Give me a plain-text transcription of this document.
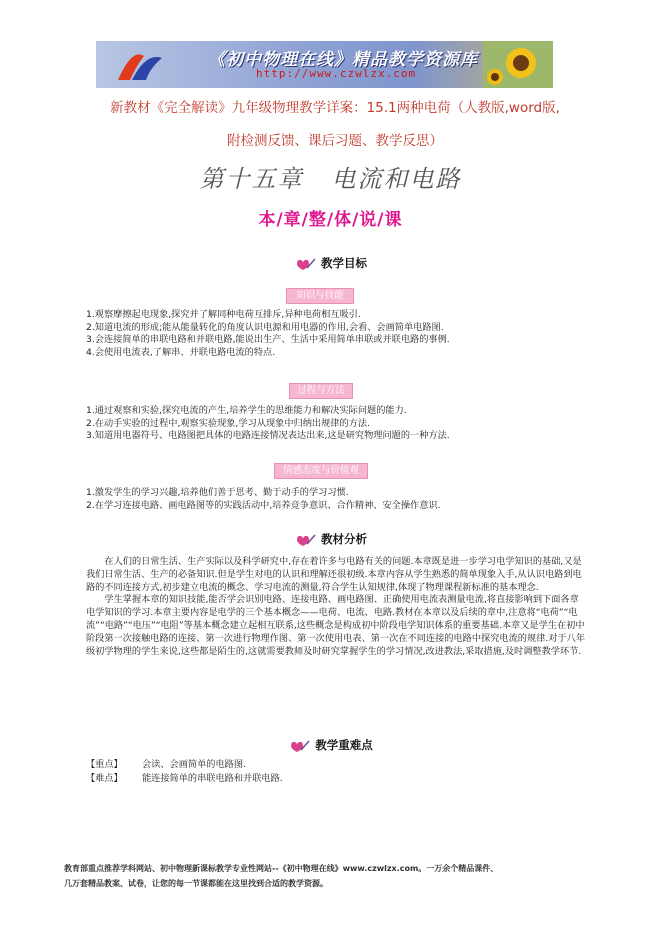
《初中物理在线》精品教学资源库
http://www.czwlzx.com
新教材《完全解读》九年级物理教学详案：15.1两种电荷（人教版,word版,
附检测反馈、课后习题、教学反思）
第十五章 电流和电路
本/章/整/体/说/课
教学目标
知识与技能
1.观察摩擦起电现象,探究并了解同种电荷互排斥,异种电荷相互吸引.
2.知道电流的形成;能从能量转化的角度认识电源和用电器的作用,会看、会画简单电路图.
3.会连接简单的串联电路和并联电路,能说出生产、生活中采用简单串联或并联电路的事例.
4.会使用电流表,了解串、并联电路电流的特点.
过程与方法
1.通过观察和实验,探究电流的产生,培养学生的思维能力和解决实际问题的能力.
2.在动手实验的过程中,观察实验现象,学习从现象中归纳出规律的方法.
3.知道用电器符号、电路图把具体的电路连接情况表达出来,这是研究物理问题的一种方法.
情感态度与价值观
1.激发学生的学习兴趣,培养他们善于思考、勤于动手的学习习惯.
2.在学习连接电路、画电路图等的实践活动中,培养竞争意识、合作精神、安全操作意识.
教材分析

在人们的日常生活、生产实际以及科学研究中,存在着许多与电路有关的问题.本章既是进一步学习电学知识的基础,又是我们日常生活、生产的必备知识.但是学生对电的认识和理解还很初级.本章内容从学生熟悉的简单现象入手,从认识电路到电路的不同连接方式,初步建立电流的概念、学习电流的测量,符合学生认知规律,体现了物理课程新标准的基本理念.

学生掌握本章的知识技能,能否学会识别电路、连接电路、画电路图、正确使用电流表测量电流,将直接影响到下面各章电学知识的学习.本章主要内容是电学的三个基本概念——电荷、电流、电路.教材在本章以及后续的章中,注意将“电荷”“电流”“电路”“电压”“电阻”等基本概念建立起相互联系,这些概念是构成初中阶段电学知识体系的重要基础.本章又是学生在初中阶段第一次接触电路的连接、第一次进行物理作图、第一次使用电表、第一次在不同连接的电路中探究电流的规律.对于八年级初学物理的学生来说,这些都是陌生的,这就需要教师及时研究掌握学生的学习情况,改进教法,采取措施,及时调整教学环节.

教学重难点
【重点】 会读、会画简单的电路图.
【难点】 能连接简单的串联电路和并联电路.
教育部重点推荐学科网站、初中物理新课标教学专业性网站--《初中物理在线》www.czwlzx.com。一万余个精品课件、
几万套精品教案、试卷，让您的每一节课都能在这里找到合适的教学资源。
